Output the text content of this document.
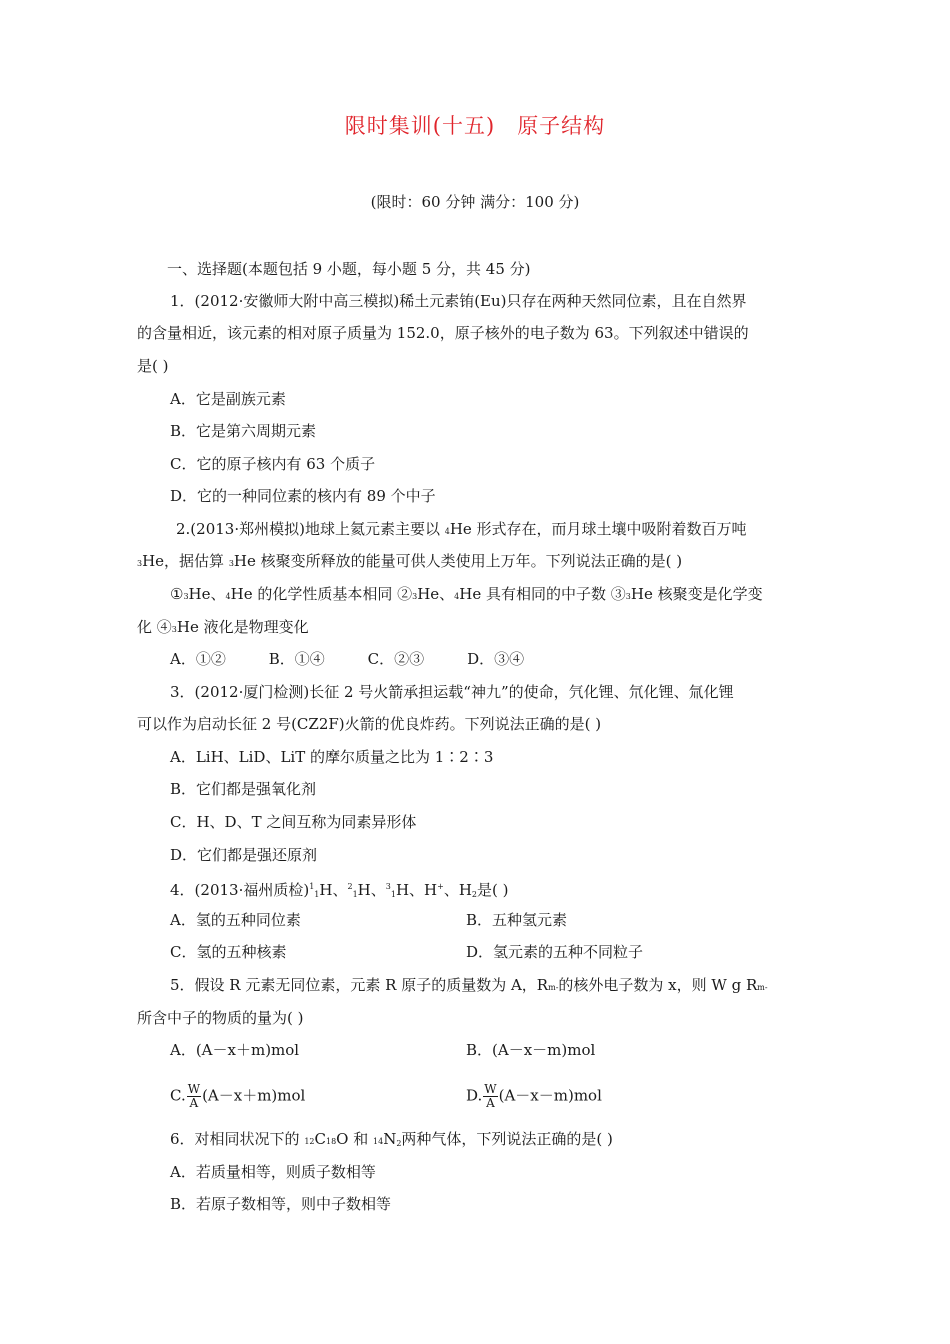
限时集训(十五) 原子结构
(限时：60 分钟 满分：100 分)
一、选择题(本题包括 9 小题，每小题 5 分，共 45 分)
1．(2012·安徽师大附中高三模拟)稀土元素铕(Eu)只存在两种天然同位素，且在自然界
的含量相近，该元素的相对原子质量为 152.0，原子核外的电子数为 63。下列叙述中错误的
是( )
A．它是副族元素
B．它是第六周期元素
C．它的原子核内有 63 个质子
D．它的一种同位素的核内有 89 个中子
2.(2013·郑州模拟)地球上氦元素主要以 4He 形式存在，而月球土壤中吸附着数百万吨
3He，据估算 3He 核聚变所释放的能量可供人类使用上万年。下列说法正确的是( )
①3He、4He 的化学性质基本相同 ②3He、4He 具有相同的中子数 ③3He 核聚变是化学变
化 ④3He 液化是物理变化
A．①②         B．①④         C．②③         D．③④
3．(2012·厦门检测)长征 2 号火箭承担运载“神九”的使命，氕化锂、氘化锂、氚化锂
可以作为启动长征 2 号(CZ2F)火箭的优良炸药。下列说法正确的是( )
A．LiH、LiD、LiT 的摩尔质量之比为 1∶2∶3
B．它们都是强氧化剂
C．H、D、T 之间互称为同素异形体
D．它们都是强还原剂
4．(2013·福州质检)$^1_1$H、$^2_1$H、$^3_1$H、H+、$H_2$是( )
A．氢的五种同位素	B．五种氢元素
C．氢的五种核素	D．氢元素的五种不同粒子
5．假设 R 元素无同位素，元素 R 原子的质量数为 A，Rm-的核外电子数为 x，则 W g Rm-
所含中子的物质的量为( )
A．(A－x＋m)mol	B．(A－x－m)mol
C. $\frac{W}{A} (A-x+m)mol$	D. $\frac{W}{A} (A-x-m)mol$
6．对相同状况下的 12C18O 和 $14N_2$两种气体，下列说法正确的是( )
A．若质量相等，则质子数相等
B．若原子数相等，则中子数相等
